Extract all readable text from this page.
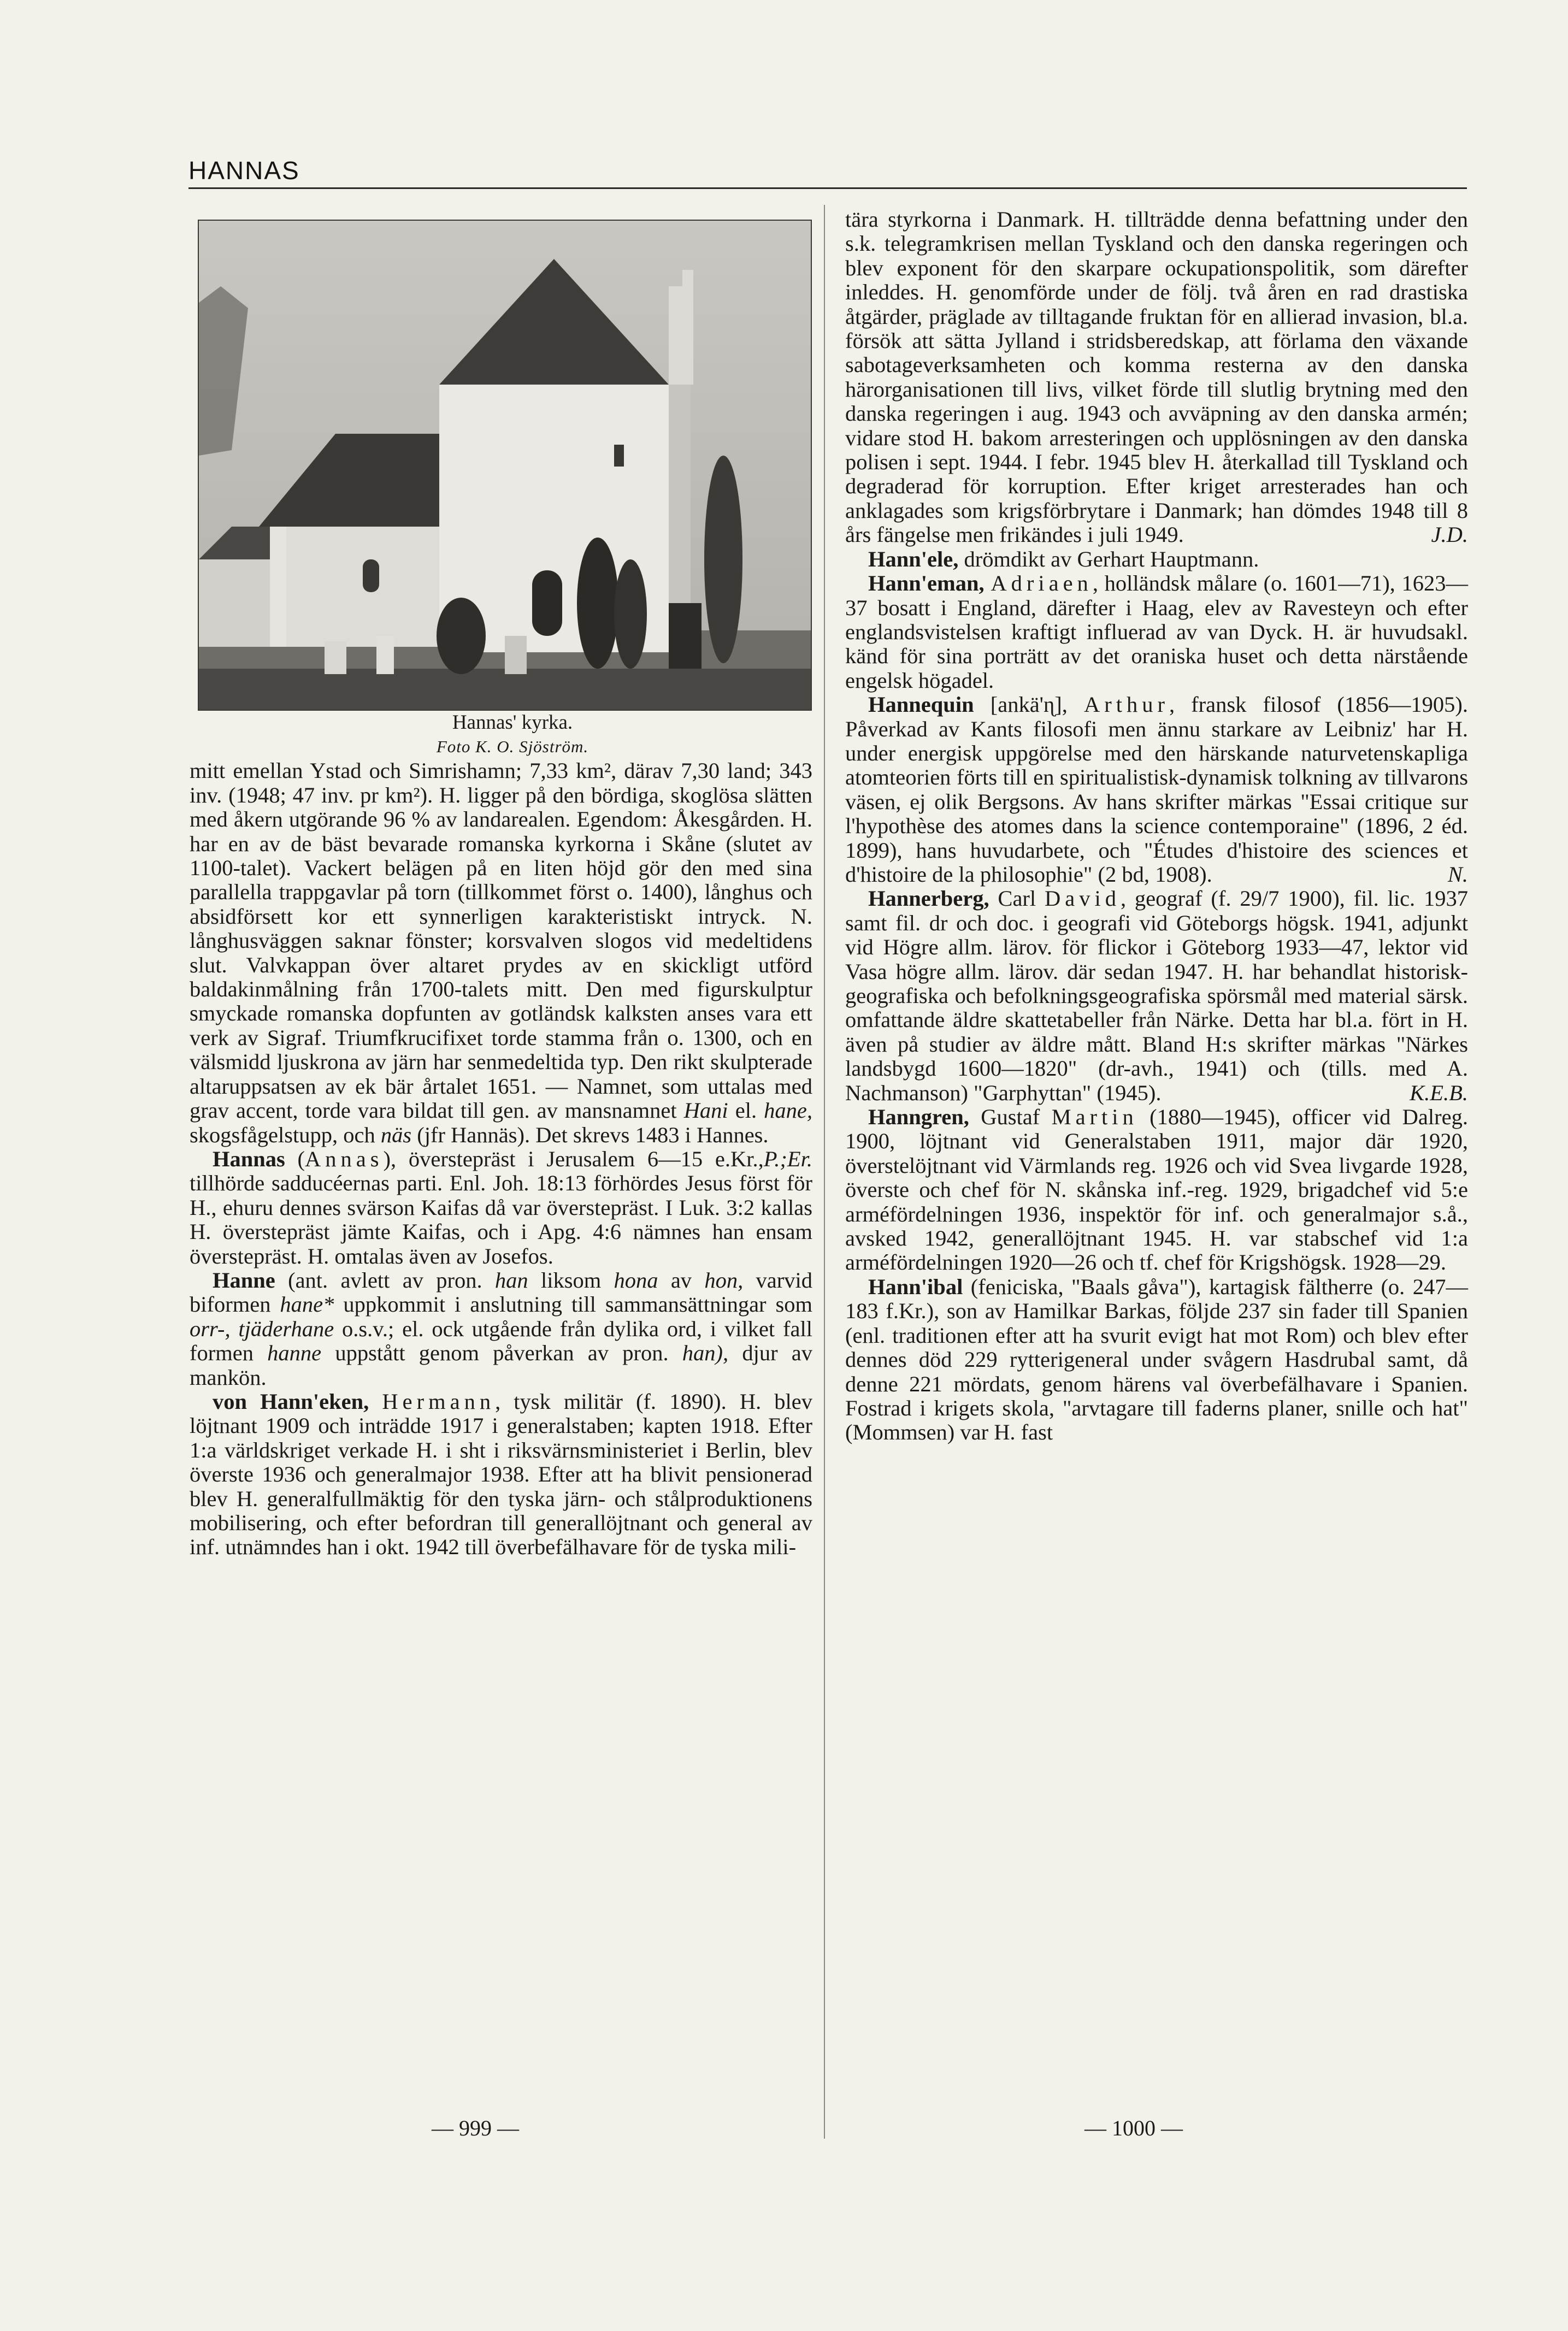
HANNAS

Hannas' kyrka.

Foto K. O. Sjöström.

mitt emellan Ystad och Simrishamn; 7,33 km², därav 7,30 land; 343 inv. (1948; 47 inv. pr km²). H. ligger på den bördiga, skoglösa slätten med åkern utgörande 96 % av landarealen. Egendom: Åkesgården. H. har en av de bäst bevarade romanska kyrkorna i Skåne (slutet av 1100-talet). Vackert belägen på en liten höjd gör den med sina parallella trappgavlar på torn (tillkommet först o. 1400), långhus och absidförsett kor ett synnerligen karakteristiskt intryck. N. långhusväggen saknar fönster; korsvalven slogos vid medeltidens slut. Valvkappan över altaret prydes av en skickligt utförd baldakinmålning från 1700-talets mitt. Den med figurskulptur smyckade romanska dopfunten av gotländsk kalksten anses vara ett verk av Sigraf. Triumfkrucifixet torde stamma från o. 1300, och en välsmidd ljuskrona av järn har senmedeltida typ. Den rikt skulpterade altaruppsatsen av ek bär årtalet 1651. — Namnet, som uttalas med grav accent, torde vara bildat till gen. av mansnamnet Hani el. hane, skogsfågelstupp, och näs (jfr Hannäs). Det skrevs 1483 i Hannes.
P.;Er.

Hannas (Annas), överstepräst i Jerusalem 6—15 e.Kr., tillhörde sadducéernas parti. Enl. Joh. 18:13 förhördes Jesus först för H., ehuru dennes svärson Kaifas då var överstepräst. I Luk. 3:2 kallas H. överstepräst jämte Kaifas, och i Apg. 4:6 nämnes han ensam överstepräst. H. omtalas även av Josefos.

Hanne (ant. avlett av pron. han liksom hona av hon, varvid biformen hane* uppkommit i anslutning till sammansättningar som orr-, tjäderhane o.s.v.; el. ock utgående från dylika ord, i vilket fall formen hanne uppstått genom påverkan av pron. han), djur av mankön.

von Hann'eken, Hermann, tysk militär (f. 1890). H. blev löjtnant 1909 och inträdde 1917 i generalstaben; kapten 1918. Efter 1:a världskriget verkade H. i sht i riksvärnsministeriet i Berlin, blev överste 1936 och generalmajor 1938. Efter att ha blivit pensionerad blev H. generalfullmäktig för den tyska järn- och stålproduktionens mobilisering, och efter befordran till generallöjtnant och general av inf. utnämndes han i okt. 1942 till överbefälhavare för de tyska mili-

tära styrkorna i Danmark. H. tillträdde denna befattning under den s.k. telegramkrisen mellan Tyskland och den danska regeringen och blev exponent för den skarpare ockupationspolitik, som därefter inleddes. H. genomförde under de följ. två åren en rad drastiska åtgärder, präglade av tilltagande fruktan för en allierad invasion, bl.a. försök att sätta Jylland i stridsberedskap, att förlama den växande sabotageverksamheten och komma resterna av den danska härorganisationen till livs, vilket förde till slutlig brytning med den danska regeringen i aug. 1943 och avväpning av den danska armén; vidare stod H. bakom arresteringen och upplösningen av den danska polisen i sept. 1944. I febr. 1945 blev H. återkallad till Tyskland och degraderad för korruption. Efter kriget arresterades han och anklagades som krigsförbrytare i Danmark; han dömdes 1948 till 8 års fängelse men frikändes i juli 1949.	J.D.

Hann'ele, drömdikt av Gerhart Hauptmann.

Hann'eman, Adriaen, holländsk målare (o. 1601—71), 1623—37 bosatt i England, därefter i Haag, elev av Ravesteyn och efter englandsvistelsen kraftigt influerad av van Dyck. H. är huvudsakl. känd för sina porträtt av det oraniska huset och detta närstående engelsk högadel.

Hannequin [ankä'ɳ], Arthur, fransk filosof (1856—1905). Påverkad av Kants filosofi men ännu starkare av Leibniz' har H. under energisk uppgörelse med den härskande naturvetenskapliga atomteorien förts till en spiritualistisk-dynamisk tolkning av tillvarons väsen, ej olik Bergsons. Av hans skrifter märkas "Essai critique sur l'hypothèse des atomes dans la science contemporaine" (1896, 2 éd. 1899), hans huvudarbete, och "Études d'histoire des sciences et d'histoire de la philosophie" (2 bd, 1908).	N.

Hannerberg, Carl David, geograf (f. 29/7 1900), fil. lic. 1937 samt fil. dr och doc. i geografi vid Göteborgs högsk. 1941, adjunkt vid Högre allm. lärov. för flickor i Göteborg 1933—47, lektor vid Vasa högre allm. lärov. där sedan 1947. H. har behandlat historisk-geografiska och befolkningsgeografiska spörsmål med material särsk. omfattande äldre skattetabeller från Närke. Detta har bl.a. fört in H. även på studier av äldre mått. Bland H:s skrifter märkas "Närkes landsbygd 1600—1820" (dr-avh., 1941) och (tills. med A. Nachmanson) "Garphyttan" (1945).	K.E.B.

Hanngren, Gustaf Martin (1880—1945), officer vid Dalreg. 1900, löjtnant vid Generalstaben 1911, major där 1920, överstelöjtnant vid Värmlands reg. 1926 och vid Svea livgarde 1928, överste och chef för N. skånska inf.-reg. 1929, brigadchef vid 5:e arméfördelningen 1936, inspektör för inf. och generalmajor s.å., avsked 1942, generallöjtnant 1945. H. var stabschef vid 1:a arméfördelningen 1920—26 och tf. chef för Krigshögsk. 1928—29.

Hann'ibal (feniciska, "Baals gåva"), kartagisk fältherre (o. 247—183 f.Kr.), son av Hamilkar Barkas, följde 237 sin fader till Spanien (enl. traditionen efter att ha svurit evigt hat mot Rom) och blev efter dennes död 229 rytterigeneral under svågern Hasdrubal samt, då denne 221 mördats, genom härens val överbefälhavare i Spanien. Fostrad i krigets skola, "arvtagare till faderns planer, snille och hat" (Mommsen) var H. fast

— 999 —	— 1000 —
